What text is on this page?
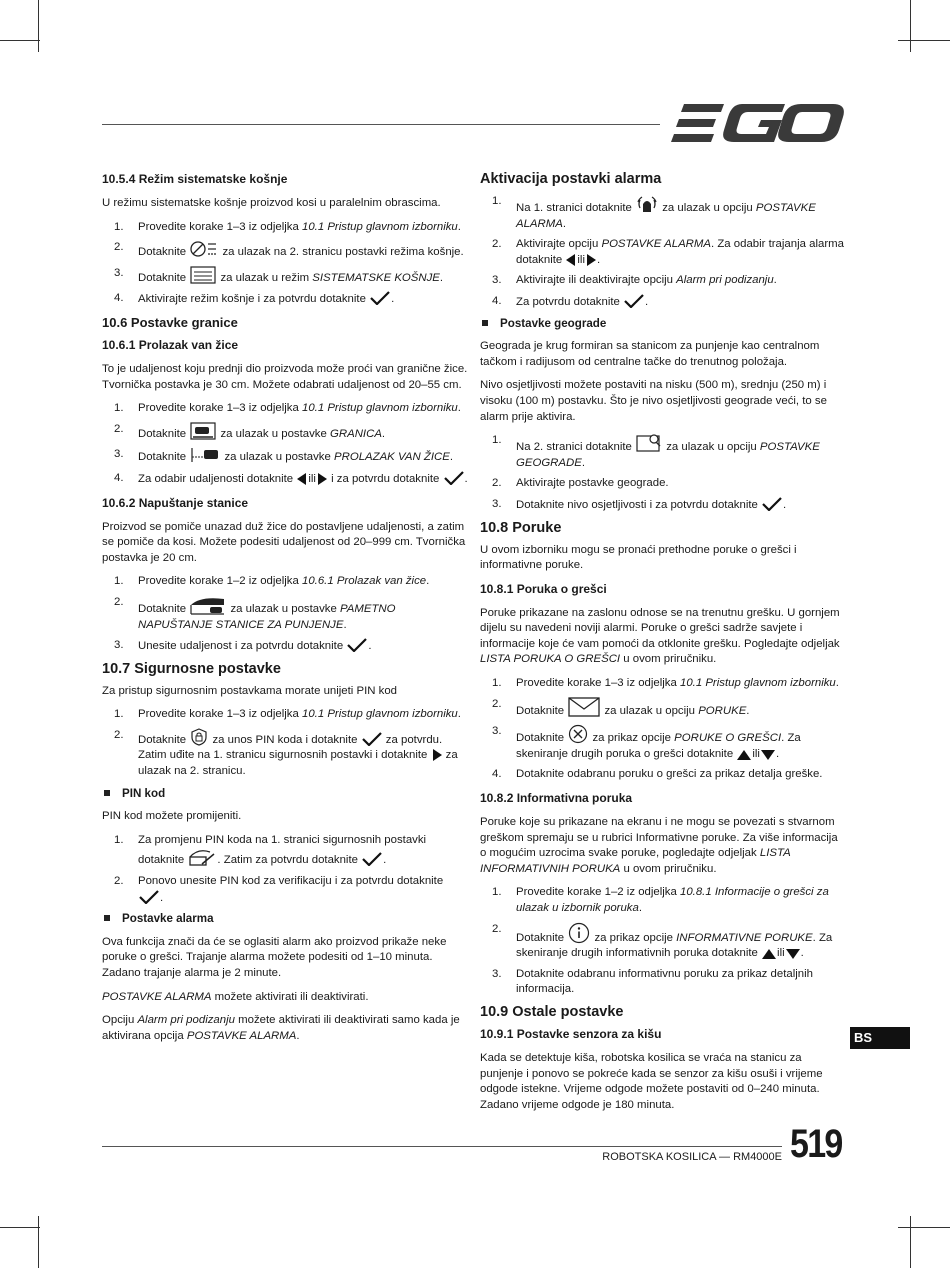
10.5.4 Režim sistematske košnje

U režimu sistematske košnje proizvod kosi u paralelnim obrascima.

1.	Provedite korake 1–3 iz odjeljka 10.1 Pristup glavnom izborniku.
2.	Dotaknite	za ulazak na 2. stranicu postavki režima košnje.
3.	Dotaknite  za ulazak u režim SISTEMATSKE KOŠNJE.
4.	Aktivirajte režim košnje i za potvrdu dotaknite .
10.6 Postavke granice
10.6.1 Prolazak van žice

To je udaljenost koju prednji dio proizvoda može proći van granične žice. Tvornička postavka je 30 cm. Možete odabrati udaljenost od 20–55 cm.

1.	Provedite korake 1–3 iz odjeljka 10.1 Pristup glavnom izborniku.
2.	Dotaknite  za ulazak u postavke GRANICA.
3.	Dotaknite	za ulazak u postavke PROLAZAK VAN ŽICE.
4.	Za odabir udaljenosti dotaknite ili i za potvrdu dotaknite .
10.6.2 Napuštanje stanice

Proizvod se pomiče unazad duž žice do postavljene udaljenosti, a zatim se pomiče da kosi. Možete podesiti udaljenost od 20–999 cm. Tvornička postavka je 20 cm.

1.	Provedite korake 1–2 iz odjeljka 10.6.1 Prolazak van žice.
2.
Dotaknite	za ulazak u postavke PAMETNO NAPUŠTANJE STANICE ZA PUNJENJE.
3.	Unesite udaljenost i za potvrdu dotaknite .
10.7 Sigurnosne postavke

Za pristup sigurnosnim postavkama morate unijeti PIN kod

1.	Provedite korake 1–3 iz odjeljka 10.1 Pristup glavnom izborniku.
2.	Dotaknite  za unos PIN koda i dotaknite  za potvrdu. Zatim uđite na 1. stranicu sigurnosnih postavki i dotaknite  za ulazak na 2. stranicu.
PIN kod

PIN kod možete promijeniti.

1.	Za promjenu PIN koda na 1. stranici sigurnosnih postavki dotaknite	. Zatim za potvrdu dotaknite .
2.	Ponovo unesite PIN kod za verifikaciju i za potvrdu dotaknite .
Postavke alarma

Ova funkcija znači da će se oglasiti alarm ako proizvod prikaže neke poruke o grešci. Trajanje alarma možete podesiti od 1–10 minuta. Zadano trajanje alarma je 2 minute.

POSTAVKE ALARMA možete aktivirati ili deaktivirati.

Opciju Alarm pri podizanju možete aktivirati ili deaktivirati samo kada je aktivirana opcija POSTAVKE ALARMA.

Aktivacija postavki alarma
1.
Na 1. stranici dotaknite  za ulazak u opciju POSTAVKE ALARMA.
2.	Aktivirajte opciju POSTAVKE ALARMA. Za odabir trajanja alarma dotaknite ili .
3.	Aktivirajte ili deaktivirajte opciju Alarm pri podizanju.
4.	Za potvrdu dotaknite .
Postavke geograde

Geograda je krug formiran sa stanicom za punjenje kao centralnom tačkom i radijusom od centralne tačke do trenutnog položaja.

Nivo osjetljivosti možete postaviti na nisku (500 m), srednju (250 m) i visoku (100 m) postavku. Što je nivo osjetljivosti geograde veći, to se alarm prije aktivira.

1.
Na 2. stranici dotaknite  za ulazak u opciju POSTAVKE GEOGRADE.
2.	Aktivirajte postavke geograde.
3.	Dotaknite nivo osjetljivosti i za potvrdu dotaknite .
10.8 Poruke

U ovom izborniku mogu se pronaći prethodne poruke o grešci i informativne poruke.

10.8.1 Poruka o grešci

Poruke prikazane na zaslonu odnose se na trenutnu grešku. U gornjem dijelu su navedeni noviji alarmi. Poruke o grešci sadrže savjete i informacije koje će vam pomoći da otklonite grešku. Pogledajte odjeljak LISTA PORUKA O GREŠCI u ovom priručniku.

1.	Provedite korake 1–3 iz odjeljka 10.1 Pristup glavnom izborniku.
2.
Dotaknite	za ulazak u opciju PORUKE.
3.
Dotaknite  za prikaz opcije PORUKE O GREŠCI. Za skeniranje drugih poruka o grešci dotaknite ili .
4.	Dotaknite odabranu poruku o grešci za prikaz detalja greške.
10.8.2 Informativna poruka

Poruke koje su prikazane na ekranu i ne mogu se povezati s stvarnom greškom spremaju se u rubrici Informativne poruke. Za više informacija o mogućim uzrocima svake poruke, pogledajte odjeljak LISTA INFORMATIVNIH PORUKA u ovom priručniku.

1.	Provedite korake 1–2 iz odjeljka 10.8.1 Informacije o grešci za ulazak u izbornik poruka.
2.
Dotaknite  za prikaz opcije INFORMATIVNE PORUKE. Za skeniranje drugih informativnih poruka dotaknite ili .
3.	Dotaknite odabranu informativnu poruku za prikaz detaljnih informacija.
10.9 Ostale postavke
10.9.1 Postavke senzora za kišu

Kada se detektuje kiša, robotska kosilica se vraća na stanicu za punjenje i ponovo se pokreće kada se senzor za kišu osuši i vrijeme odgode istekne. Vrijeme odgode možete postaviti od 0–240 minuta. Zadano vrijeme odgode je 180 minuta.

BS
ROBOTSKA KOSILICA — RM4000E 519
